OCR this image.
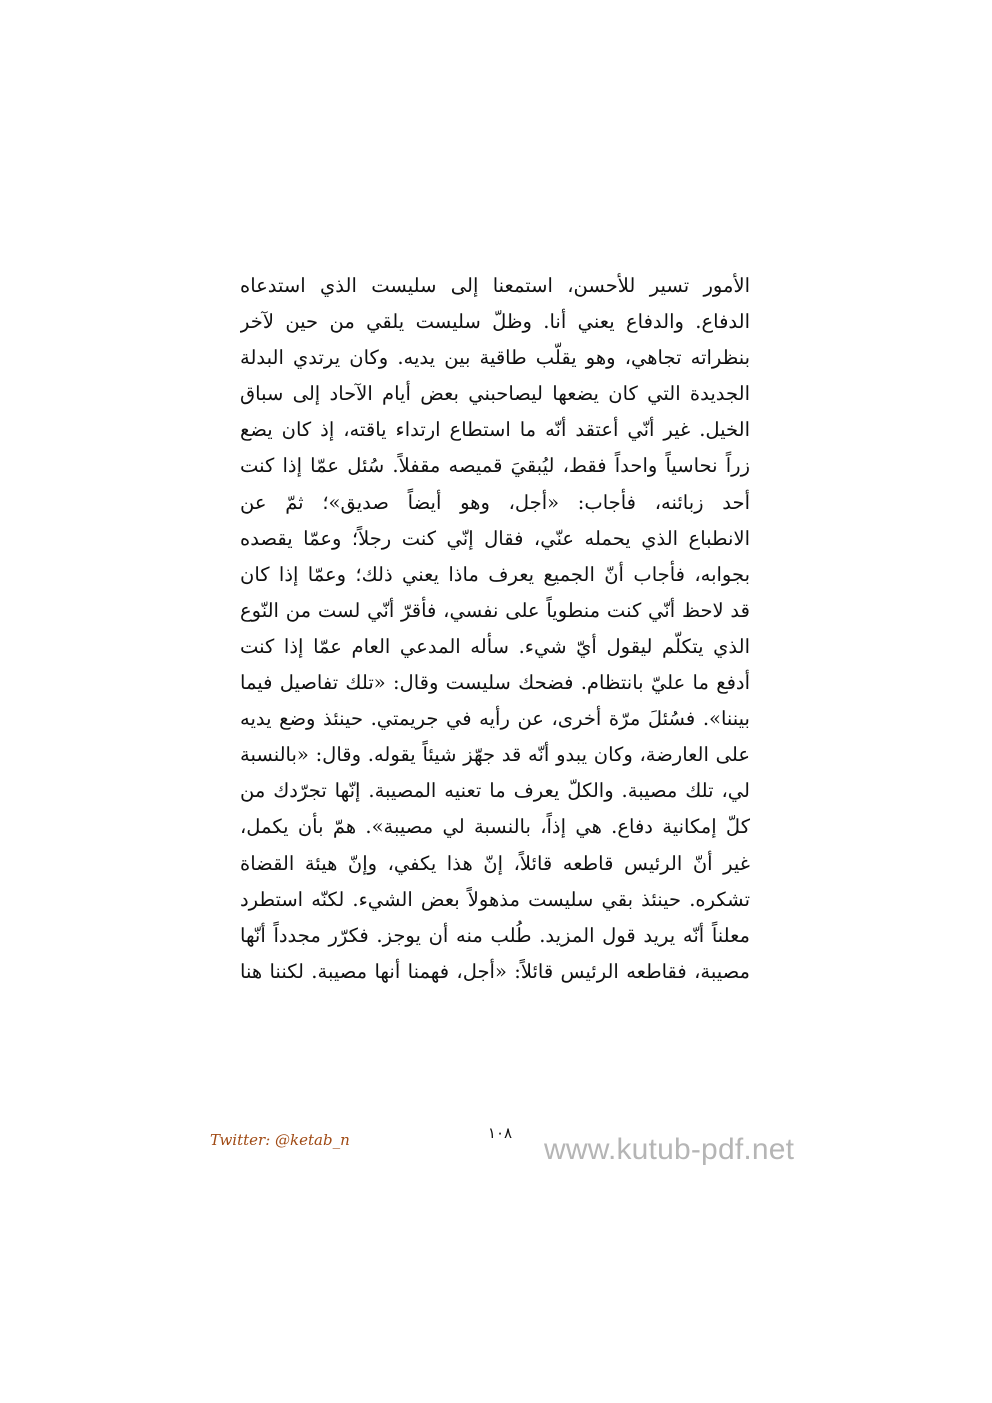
الأمور تسير للأحسن، استمعنا إلى سليست الذي استدعاه
الدفاع. والدفاع يعني أنا. وظلّ سليست يلقي من حين لآخر
بنظراته تجاهي، وهو يقلّب طاقية بين يديه. وكان يرتدي البدلة
الجديدة التي كان يضعها ليصاحبني بعض أيام الآحاد إلى سباق
الخيل. غير أنّي أعتقد أنّه ما استطاع ارتداء ياقته، إذ كان يضع
زراً نحاسياً واحداً فقط، ليُبقيَ قميصه مقفلاً. سُئل عمّا إذا كنت
أحد زبائنه، فأجاب: «أجل، وهو أيضاً صديق»؛ ثمّ عن
الانطباع الذي يحمله عنّي، فقال إنّي كنت رجلاً؛ وعمّا يقصده
بجوابه، فأجاب أنّ الجميع يعرف ماذا يعني ذلك؛ وعمّا إذا كان
قد لاحظ أنّي كنت منطوياً على نفسي، فأقرّ أنّي لست من النّوع
الذي يتكلّم ليقول أيّ شيء. سأله المدعي العام عمّا إذا كنت
أدفع ما عليّ بانتظام. فضحك سليست وقال: «تلك تفاصيل فيما
بيننا». فسُئلَ مرّة أخرى، عن رأيه في جريمتي. حينئذ وضع يديه
على العارضة، وكان يبدو أنّه قد جهّز شيئاً يقوله. وقال: «بالنسبة
لي، تلك مصيبة. والكلّ يعرف ما تعنيه المصيبة. إنّها تجرّدك من
كلّ إمكانية دفاع. هي إذاً، بالنسبة لي مصيبة». همّ بأن يكمل،
غير أنّ الرئيس قاطعه قائلاً، إنّ هذا يكفي، وإنّ هيئة القضاة
تشكره. حينئذ بقي سليست مذهولاً بعض الشيء. لكنّه استطرد
معلناً أنّه يريد قول المزيد. طُلب منه أن يوجز. فكرّر مجدداً أنّها
مصيبة، فقاطعه الرئيس قائلاً: «أجل، فهمنا أنها مصيبة. لكننا هنا
Twitter: @ketab_n	١٠٨	www.kutub-pdf.net
